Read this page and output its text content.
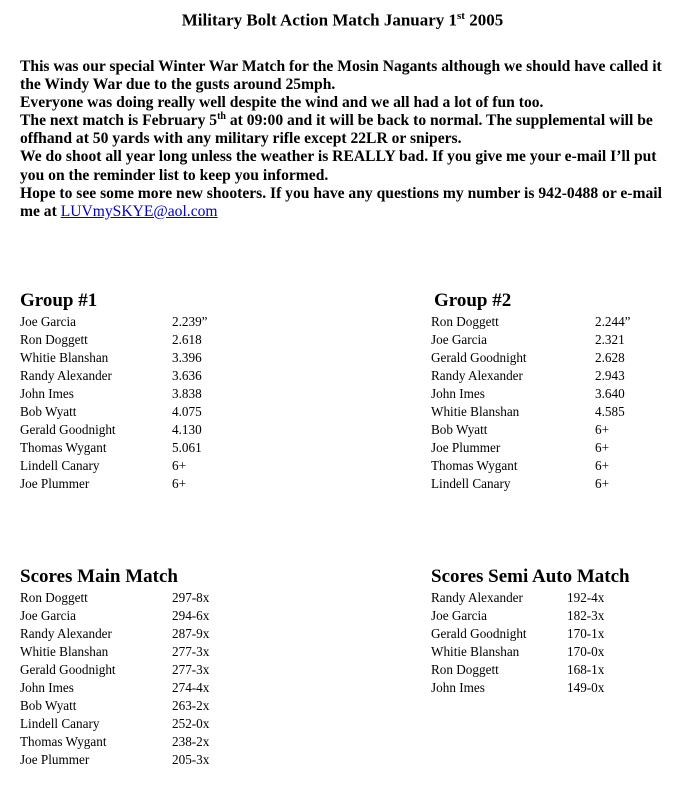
Military Bolt Action Match January 1st 2005

This was our special Winter War Match for the Mosin Nagants although we should have called it the Windy War due to the gusts around 25mph.

Everyone was doing really well despite the wind and we all had a lot of fun too.

The next match is February 5th at 09:00 and it will be back to normal. The supplemental will be offhand at 50 yards with any military rifle except 22LR or snipers.

We do shoot all year long unless the weather is REALLY bad. If you give me your e-mail I’ll put you on the reminder list to keep you informed.

Hope to see some more new shooters. If you have any questions my number is 942-0488 or e-mail me at LUVmySKYE@aol.com

Group #1
Joe Garcia	2.239”
Ron Doggett	2.618
Whitie Blanshan	3.396
Randy Alexander	3.636
John Imes	3.838
Bob Wyatt	4.075
Gerald Goodnight	4.130
Thomas Wygant	5.061
Lindell Canary	6+
Joe Plummer	6+
Group #2
Ron Doggett	2.244”
Joe Garcia	2.321
Gerald Goodnight	2.628
Randy Alexander	2.943
John Imes	3.640
Whitie Blanshan	4.585
Bob Wyatt	6+
Joe Plummer	6+
Thomas Wygant	6+
Lindell Canary	6+
Scores Main Match
Ron Doggett	297-8x
Joe Garcia	294-6x
Randy Alexander	287-9x
Whitie Blanshan	277-3x
Gerald Goodnight	277-3x
John Imes	274-4x
Bob Wyatt	263-2x
Lindell Canary	252-0x
Thomas Wygant	238-2x
Joe Plummer	205-3x
Scores Semi Auto Match
Randy Alexander	192-4x
Joe Garcia	182-3x
Gerald Goodnight	170-1x
Whitie Blanshan	170-0x
Ron Doggett	168-1x
John Imes	149-0x
